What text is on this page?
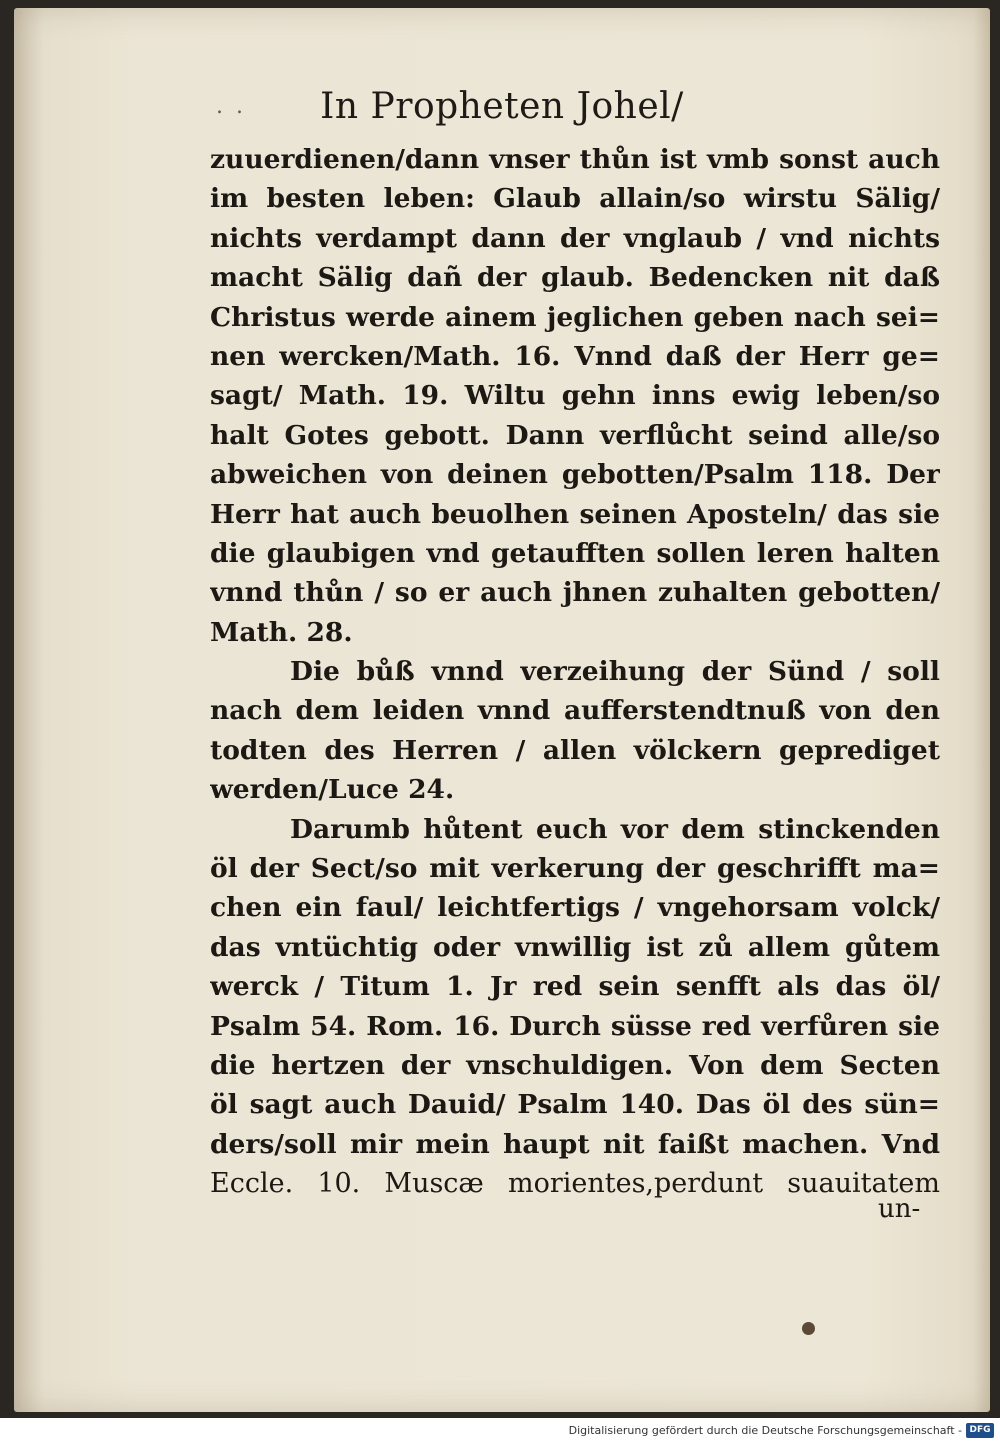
. .	In Propheten Johel/
zuuerdienen/dann vnser thůn ist vmb sonst auch
im besten leben: Glaub allain/so wirstu Sälig/
nichts verdampt dann der vnglaub / vnd nichts
macht Sälig dañ der glaub. Bedencken nit daß
Christus werde ainem jeglichen geben nach sei=
nen wercken/Math. 16. Vnnd daß der Herr ge=
sagt/ Math. 19. Wiltu gehn inns ewig leben/so
halt Gotes gebott. Dann verflůcht seind alle/so
abweichen von deinen gebotten/Psalm 118. Der
Herr hat auch beuolhen seinen Aposteln/ das sie
die glaubigen vnd getaufften sollen leren halten
vnnd thůn / so er auch jhnen zuhalten gebotten/
Math. 28.
Die bůß vnnd verzeihung der Sünd / soll
nach dem leiden vnnd aufferstendtnuß von den
todten des Herren / allen völckern geprediget
werden/Luce 24.
Darumb hůtent euch vor dem stinckenden
öl der Sect/so mit verkerung der geschrifft ma=
chen ein faul/ leichtfertigs / vngehorsam volck/
das vntüchtig oder vnwillig ist zů allem gůtem
werck / Titum 1. Jr red sein senfft als das öl/
Psalm 54. Rom. 16. Durch süsse red verfůren sie
die hertzen der vnschuldigen. Von dem Secten
öl sagt auch Dauid/ Psalm 140. Das öl des sün=
ders/soll mir mein haupt nit faißt machen. Vnd
Eccle. 10. Muscæ morientes,perdunt suauitatem
un-
Digitalisierung gefördert durch die Deutsche Forschungsgemeinschaft - DFG
